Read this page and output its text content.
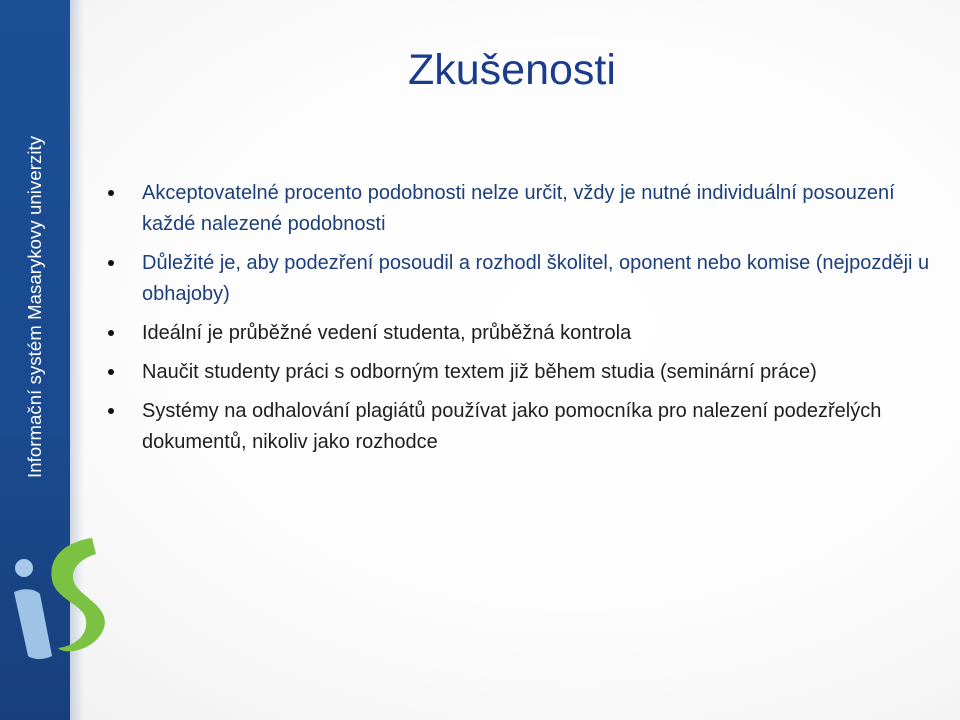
Informační systém Masarykovy univerzity
Zkušenosti
Akceptovatelné procento podobnosti nelze určit, vždy je nutné individuální posouzení každé nalezené podobnosti
Důležité je, aby podezření posoudil a rozhodl školitel, oponent nebo komise (nejpozději u obhajoby)
Ideální je průběžné vedení studenta, průběžná kontrola
Naučit studenty práci s odborným textem již během studia (seminární práce)
Systémy na odhalování plagiátů používat jako pomocníka pro nalezení podezřelých dokumentů, nikoliv jako rozhodce
